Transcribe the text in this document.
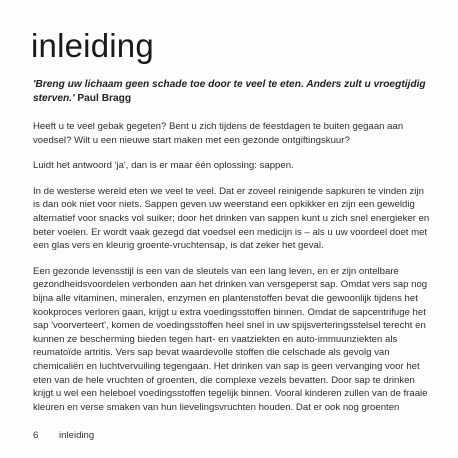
inleiding

'Breng uw lichaam geen schade toe door te veel te eten. Anders zult u vroegtijdig sterven.' Paul Bragg

Heeft u te veel gebak gegeten? Bent u zich tijdens de feestdagen te buiten gegaan aan voedsel? Wilt u een nieuwe start maken met een gezonde ontgiftingskuur?

Luidt het antwoord 'ja', dan is er maar één oplossing: sappen.

In de westerse wereld eten we veel te veel. Dat er zoveel reinigende sapkuren te vinden zijn is dan ook niet voor niets. Sappen geven uw weerstand een opkikker en zijn een geweldig alternatief voor snacks vol suiker; door het drinken van sappen kunt u zich snel energieker en beter voelen. Er wordt vaak gezegd dat voedsel een medicijn is – als u uw voordeel doet met een glas vers en kleurig groente-vruchtensap, is dat zeker het geval.

Een gezonde levensstijl is een van de sleutels van een lang leven, en er zijn ontelbare gezondheidsvoordelen verbonden aan het drinken van versgeperst sap. Omdat vers sap nog bijna alle vitaminen, mineralen, enzymen en plantenstoffen bevat die gewoonlijk tijdens het kookproces verloren gaan, krijgt u extra voedingsstoffen binnen. Omdat de sapcentrifuge het sap 'voorverteert', komen de voedingsstoffen heel snel in uw spijsverteringsstelsel terecht en kunnen ze bescherming bieden tegen hart- en vaatziekten en auto-immuunziekten als reumatoïde artritis. Vers sap bevat waardevolle stoffen die celschade als gevolg van chemicaliën en luchtvervuiling tegengaan. Het drinken van sap is geen vervanging voor het eten van de hele vruchten of groenten, die complexe vezels bevatten. Door sap te drinken krijgt u wel een heleboel voedingsstoffen tegelijk binnen. Vooral kinderen zullen van de fraaie kleuren en verse smaken van hun lievelingsvruchten houden. Dat er ook nog groenten

6 inleiding
